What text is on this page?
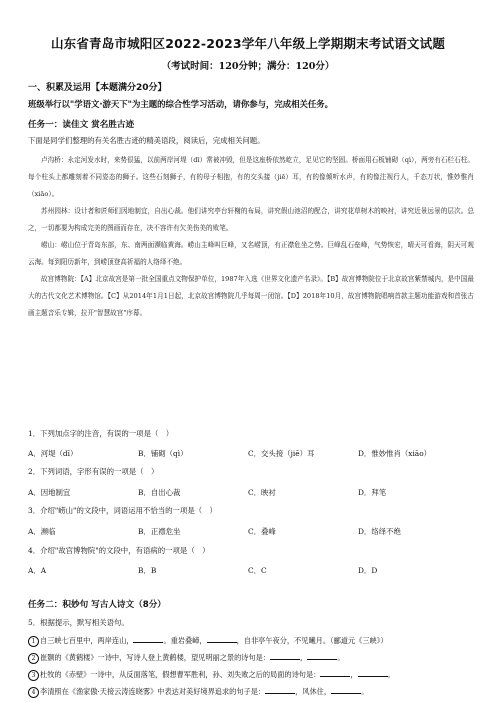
山东省青岛市城阳区2022-2023学年八年级上学期期末考试语文试题
（考试时间：120分钟；满分：120分）
一、积累及运用【本题满分20分】
班级举行以"学语文·游天下"为主题的综合性学习活动，请你参与，完成相关任务。
任务一：读佳文 赏名胜古迹
下面是同学们整理的有关名胜古迹的精美语段，阅读后，完成相关问题。

卢沟桥：永定河发水时，来势很猛，以前两岸河堤（dī）常被冲毁，但是这座桥依然屹立，足见它的坚固。桥面用石板铺砌（qì），两旁有石栏石柱。每个柱头上都雕刻着不同姿态的狮子。这些石刻狮子，有的母子相抱，有的交头接（jiē）耳，有的像倾听水声，有的像注视行人，千态万状，惟妙惟肖（xiāo）。

苏州园林：设计者和匠师们因地制宜，自出心裁。他们讲究亭台轩榭的布局，讲究假山池沼的配合，讲究花草树木的映衬，讲究近景远景的层次。总之，一切都要为构成完美的图画而存在，决不容许有欠美伤美的败笔。

崂山：崂山位于青岛东部，东、南两面濒临黄海。崂山主峰叫巨峰，又名崂顶，有正襟危坐之势。巨峰乱石垒峰，气势恢宏，晴天可看海，阴天可观云海。每到阳历新年，到崂顶登高祈福的人络绎不绝。

故宫博物院：【A】北京故宫是第一批全国重点文物保护单位，1987年入选《世界文化遗产名录》。【B】故宫博物院位于北京故宫紫禁城内，是中国最大的古代文化艺术博物馆。【C】从2014年1月1日起，北京故宫博物院几乎每周一闭馆。【D】2018年10月，故宫博物院唱响首款主题功能游戏和首张古画主题音乐专辑，拉开"智慧故宫"序幕。

1．下列加点字的注音，有误的一项是（　）
A．河堤（dī）	B．铺砌（qì）	C．交头接（jiē）耳	D．惟妙惟肖（xiāo）
2．下列词语，字形有误的一项是（　）
A．因地制宜	B．自出心裁	C．映衬	D．拜笔
3．介绍"崂山"的文段中，词语运用不恰当的一项是（　）
A．濒临	B．正襟危坐	C．叠峰	D．络绎不绝
4．介绍"故宫博物院"的文段中，有语病的一项是（　）
A．A	B．B	C．C	D．D
任务二：积妙句 写古人诗文（8分）
5．根据提示，默写相关语句。
1 自三峡七百里中，两岸连山，	。重岩叠嶂，	，自非亭午夜分，不见曦月。（郦道元《三峡》）
2 崔颢的《黄鹤楼》一诗中，写诗人登上黄鹤楼，望见明丽之景的诗句是：	，	。
3 杜牧的《赤壁》一诗中，从反面落笔，假想曹军胜利，孙、刘失败之后的局面的诗句是：	，	。
4 李清照在《渔家傲·天接云涛连晓雾》中表达对美好境界追求的句子是：	，风休住，	。
